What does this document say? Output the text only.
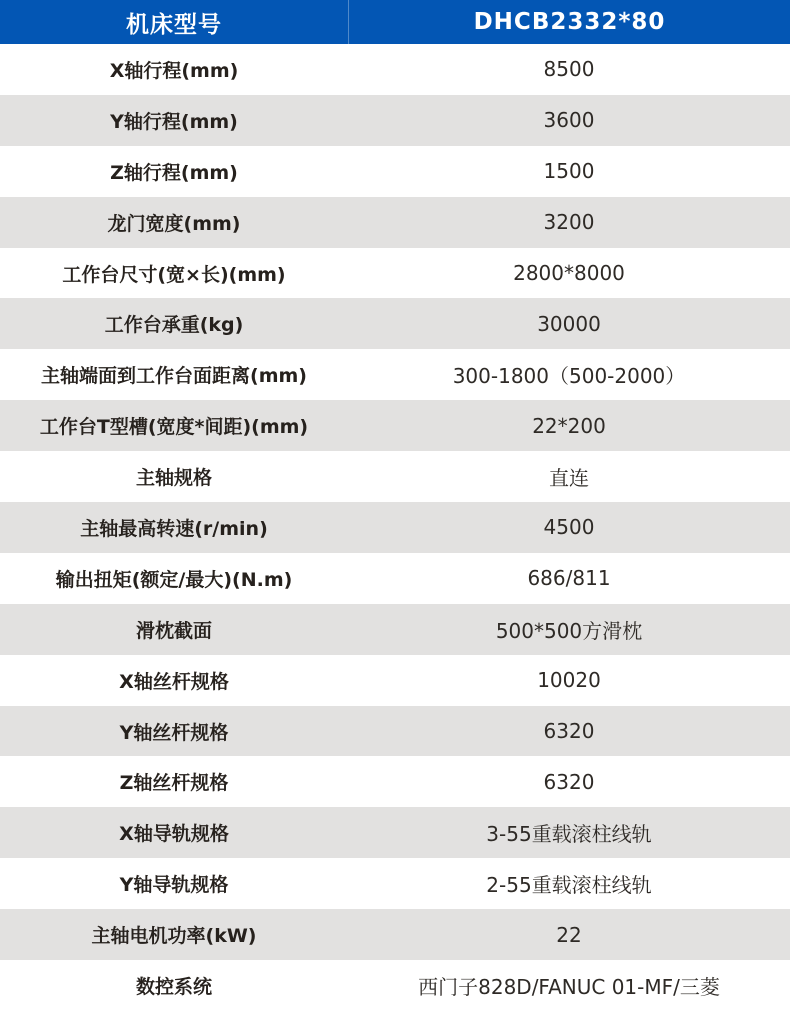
机床型号	DHCB2332*80
X轴行程(mm)	8500
Y轴行程(mm)	3600
Z轴行程(mm)	1500
龙门宽度(mm)	3200
工作台尺寸(宽×长)(mm)	2800*8000
工作台承重(kg)	30000
主轴端面到工作台面距离(mm)	300-1800（500-2000）
工作台T型槽(宽度*间距)(mm)	22*200
主轴规格	直连
主轴最高转速(r/min)	4500
输出扭矩(额定/最大)(N.m)	686/811
滑枕截面	500*500方滑枕
X轴丝杆规格	10020
Y轴丝杆规格	6320
Z轴丝杆规格	6320
X轴导轨规格	3-55重载滚柱线轨
Y轴导轨规格	2-55重载滚柱线轨
主轴电机功率(kW)	22
数控系统	西门子828D/FANUC 01-MF/三菱
